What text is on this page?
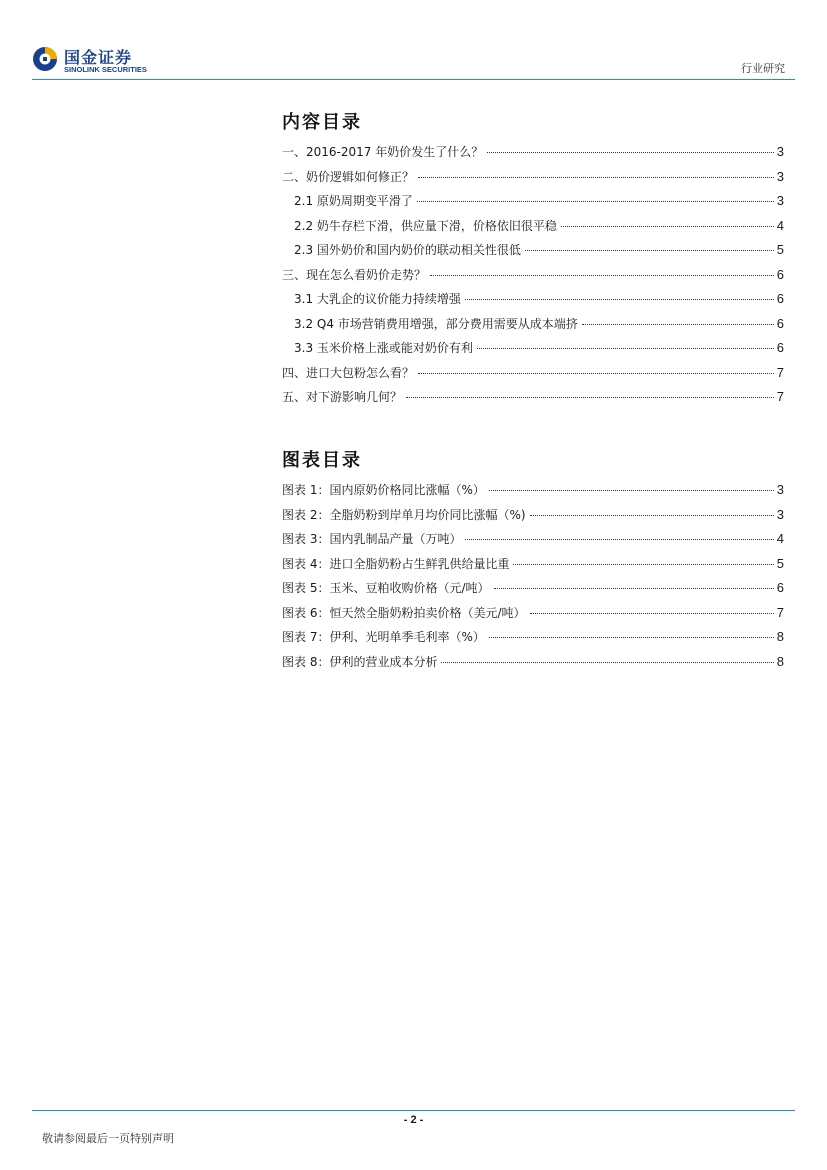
国金证券
SINOLINK SECURITIES	行业研究
内容目录
一、2016-2017 年奶价发生了什么？	3
二、奶价逻辑如何修正？	3
2.1 原奶周期变平滑了	3
2.2 奶牛存栏下滑，供应量下滑，价格依旧很平稳	4
2.3 国外奶价和国内奶价的联动相关性很低	5
三、现在怎么看奶价走势？	6
3.1 大乳企的议价能力持续增强	6
3.2 Q4 市场营销费用增强，部分费用需要从成本端挤	6
3.3 玉米价格上涨或能对奶价有利	6
四、进口大包粉怎么看？	7
五、对下游影响几何？	7
图表目录
图表 1：国内原奶价格同比涨幅（%）	3
图表 2：全脂奶粉到岸单月均价同比涨幅（%)	3
图表 3：国内乳制品产量（万吨）	4
图表 4：进口全脂奶粉占生鲜乳供给量比重	5
图表 5：玉米、豆粕收购价格（元/吨）	6
图表 6：恒天然全脂奶粉拍卖价格（美元/吨）	7
图表 7：伊利、光明单季毛利率（%）	8
图表 8：伊利的营业成本分析	8
- 2 -
敬请参阅最后一页特别声明
